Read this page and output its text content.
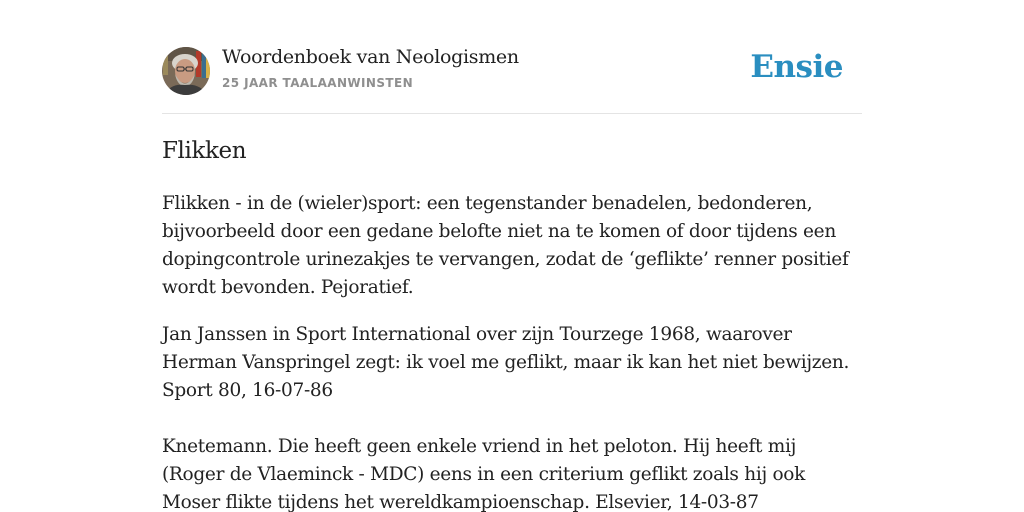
Woordenboek van Neologismen
25 JAAR TAALAANWINSTEN	Ensie
Flikken

Flikken - in de (wieler)sport: een tegenstander benadelen, bedonderen, bijvoorbeeld door een gedane belofte niet na te komen of door tijdens een dopingcontrole urinezakjes te vervangen, zodat de ‘geflikte’ renner positief wordt bevonden. Pejoratief.

Jan Janssen in Sport International over zijn Tourzege 1968, waarover Herman Vanspringel zegt: ik voel me geflikt, maar ik kan het niet bewijzen. Sport 80, 16-07-86

Knetemann. Die heeft geen enkele vriend in het peloton. Hij heeft mij (Roger de Vlaeminck - MDC) eens in een criterium geflikt zoals hij ook Moser flikte tijdens het wereldkampioenschap. Elsevier, 14-03-87
